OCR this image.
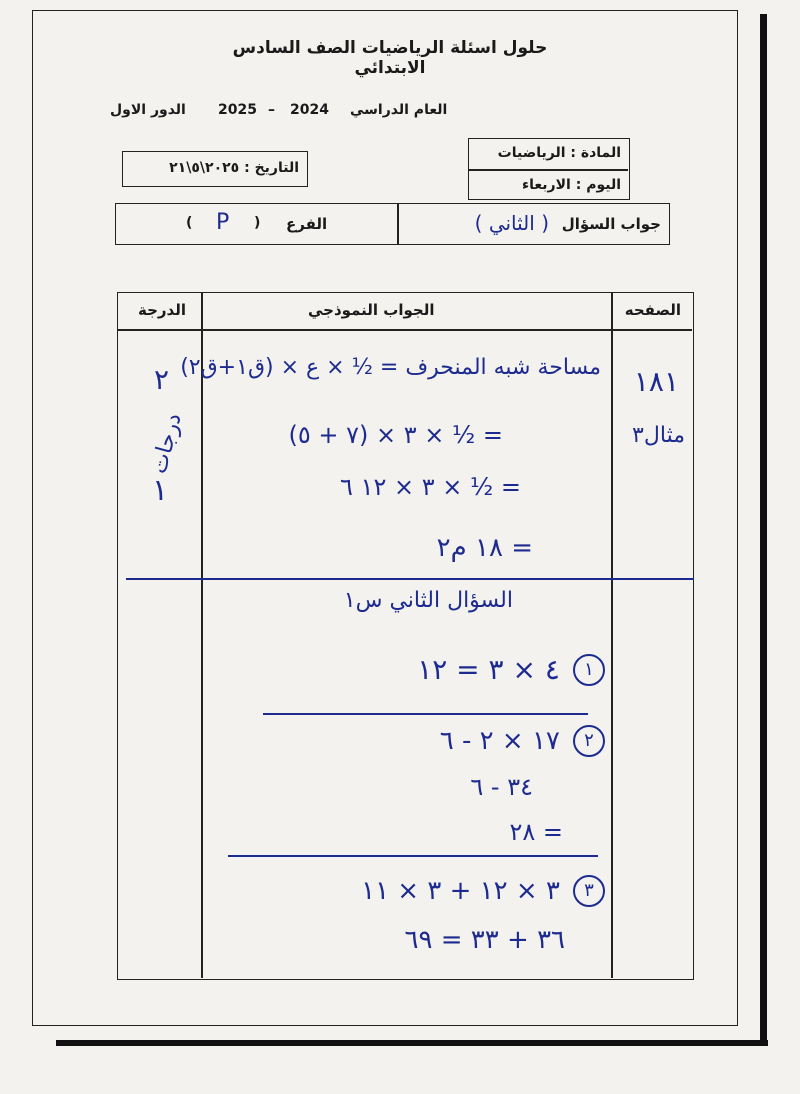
حلول اسئلة الرياضيات الصف السادس الابتدائي
الدور الاول 2025 – 2024 العام الدراسي
التاريخ : ٢٠٢٥\٥\٢١
المادة : الرياضيات
اليوم : الاربعاء
جواب السؤال
( الثاني )
الفرع
(
P
)
الصفحه
الجواب النموذجي
الدرجة
١٨١
مثال٣
٢
درجات
١
مساحة شبه المنحرف = ½ × ع × (ق١+ق٢)
= ½ × ٣ × (٧ + ٥)
= ½ × ٣ × ١٢ ٦
= ١٨ م٢
السؤال الثاني س١
١ ٤ × ٣ = ١٢
٢ ١٧ × ٢ - ٦
٣٤ - ٦
= ٢٨
٣ ٣ × ١٢ + ٣ × ١١
٣٦ + ٣٣ = ٦٩
